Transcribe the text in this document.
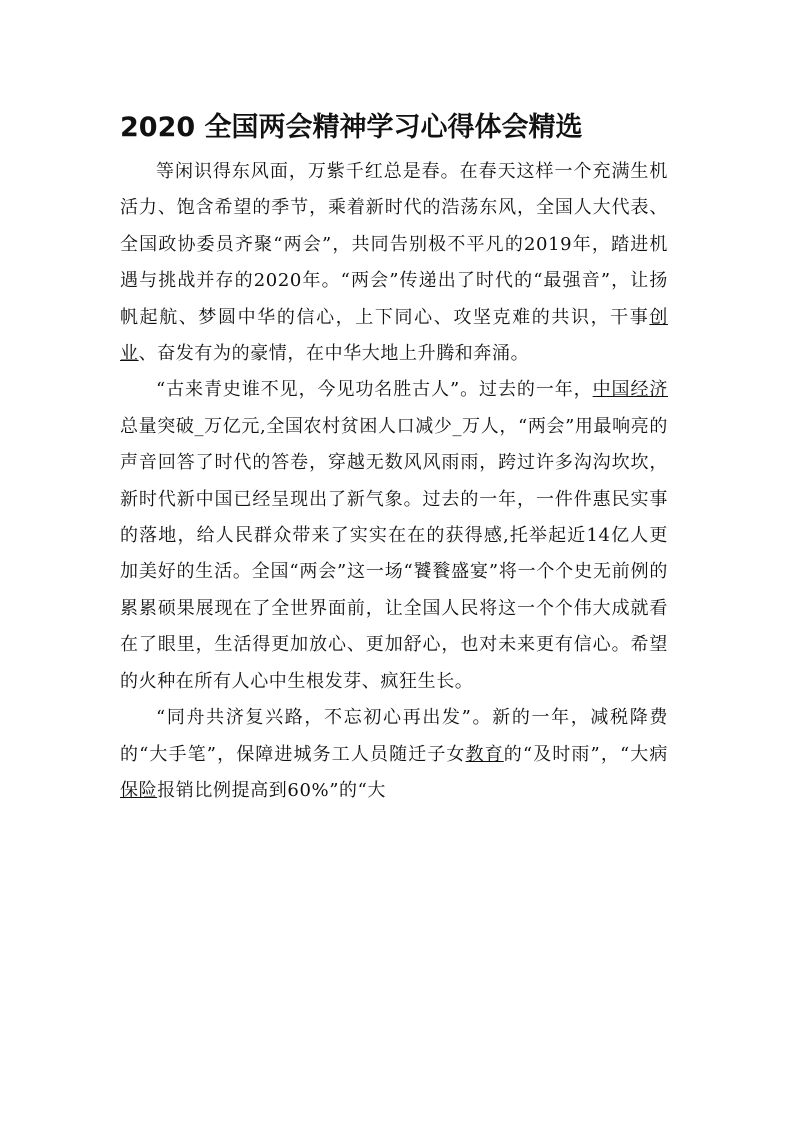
2020 全国两会精神学习心得体会精选

等闲识得东风面，万紫千红总是春。在春天这样一个充满生机活力、饱含希望的季节，乘着新时代的浩荡东风，全国人大代表、全国政协委员齐聚“两会”，共同告别极不平凡的2019年，踏进机遇与挑战并存的2020年。“两会”传递出了时代的“最强音”，让扬帆起航、梦圆中华的信心，上下同心、攻坚克难的共识，干事创业、奋发有为的豪情，在中华大地上升腾和奔涌。

“古来青史谁不见，今见功名胜古人”。过去的一年，中国经济总量突破_万亿元,全国农村贫困人口减少_万人，“两会”用最响亮的声音回答了时代的答卷，穿越无数风风雨雨，跨过许多沟沟坎坎，新时代新中国已经呈现出了新气象。过去的一年，一件件惠民实事的落地，给人民群众带来了实实在在的获得感,托举起近14亿人更加美好的生活。全国“两会”这一场“饕餮盛宴”将一个个史无前例的累累硕果展现在了全世界面前，让全国人民将这一个个伟大成就看在了眼里，生活得更加放心、更加舒心，也对未来更有信心。希望的火种在所有人心中生根发芽、疯狂生长。

“同舟共济复兴路，不忘初心再出发”。新的一年，减税降费的“大手笔”，保障进城务工人员随迁子女教育的“及时雨”，“大病保险报销比例提高到60%”的“大
